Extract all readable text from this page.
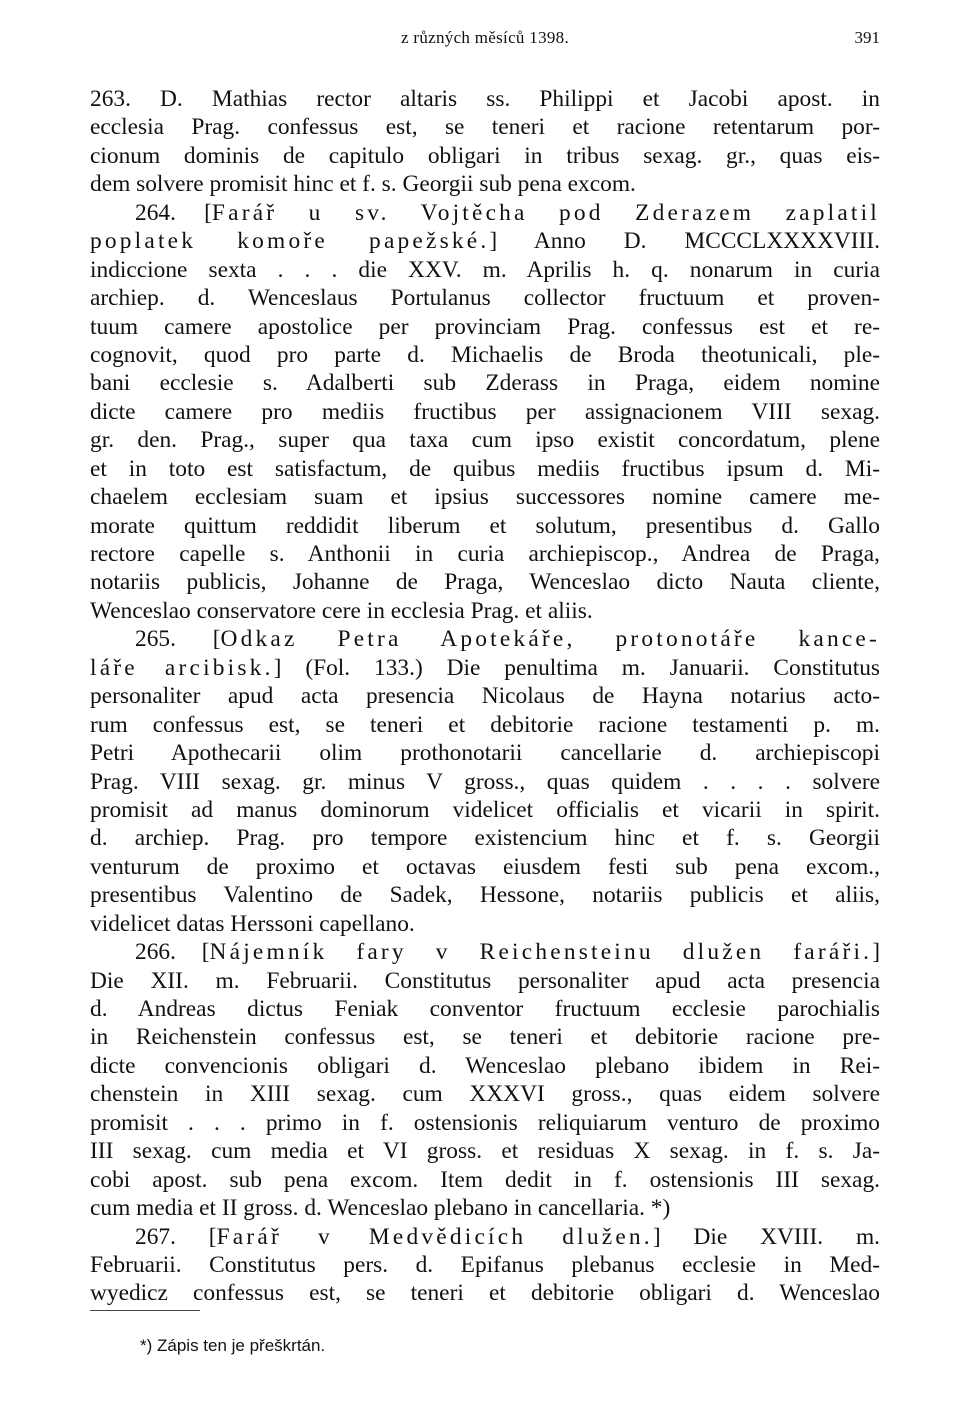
z různých měsíců 1398.	391
263. D. Mathias rector altaris ss. Philippi et Jacobi apost. in
ecclesia Prag. confessus est, se teneri et racione retentarum por-
cionum dominis de capitulo obligari in tribus sexag. gr., quas eis-
dem solvere promisit hinc et f. s. Georgii sub pena excom.
264. [Farář u sv. Vojtěcha pod Zderazem zaplatil
poplatek komoře papežské.] Anno D. MCCCLXXXXVIII.
indiccione sexta . . . die XXV. m. Aprilis h. q. nonarum in curia
archiep. d. Wenceslaus Portulanus collector fructuum et proven-
tuum camere apostolice per provinciam Prag. confessus est et re-
cognovit, quod pro parte d. Michaelis de Broda theotunicali, ple-
bani ecclesie s. Adalberti sub Zderass in Praga, eidem nomine
dicte camere pro mediis fructibus per assignacionem VIII sexag.
gr. den. Prag., super qua taxa cum ipso existit concordatum, plene
et in toto est satisfactum, de quibus mediis fructibus ipsum d. Mi-
chaelem ecclesiam suam et ipsius successores nomine camere me-
morate quittum reddidit liberum et solutum, presentibus d. Gallo
rectore capelle s. Anthonii in curia archiepiscop., Andrea de Praga,
notariis publicis, Johanne de Praga, Wenceslao dicto Nauta cliente,
Wenceslao conservatore cere in ecclesia Prag. et aliis.
265. [Odkaz Petra Apotekáře, protonotáře kance-
láře arcibisk.] (Fol. 133.) Die penultima m. Januarii. Constitutus
personaliter apud acta presencia Nicolaus de Hayna notarius acto-
rum confessus est, se teneri et debitorie racione testamenti p. m.
Petri Apothecarii olim prothonotarii cancellarie d. archiepiscopi
Prag. VIII sexag. gr. minus V gross., quas quidem . . . . solvere
promisit ad manus dominorum videlicet officialis et vicarii in spirit.
d. archiep. Prag. pro tempore existencium hinc et f. s. Georgii
venturum de proximo et octavas eiusdem festi sub pena excom.,
presentibus Valentino de Sadek, Hessone, notariis publicis et aliis,
videlicet datas Herssoni capellano.
266. [Nájemník fary v Reichensteinu dlužen faráři.]
Die XII. m. Februarii. Constitutus personaliter apud acta presencia
d. Andreas dictus Feniak conventor fructuum ecclesie parochialis
in Reichenstein confessus est, se teneri et debitorie racione pre-
dicte convencionis obligari d. Wenceslao plebano ibidem in Rei-
chenstein in XIII sexag. cum XXXVI gross., quas eidem solvere
promisit . . . primo in f. ostensionis reliquiarum venturo de proximo
III sexag. cum media et VI gross. et residuas X sexag. in f. s. Ja-
cobi apost. sub pena excom. Item dedit in f. ostensionis III sexag.
cum media et II gross. d. Wenceslao plebano in cancellaria. *)
267. [Farář v Medvědicích dlužen.] Die XVIII. m.
Februarii. Constitutus pers. d. Epifanus plebanus ecclesie in Med-
wyedicz confessus est, se teneri et debitorie obligari d. Wenceslao
*) Zápis ten je přeškrtán.
